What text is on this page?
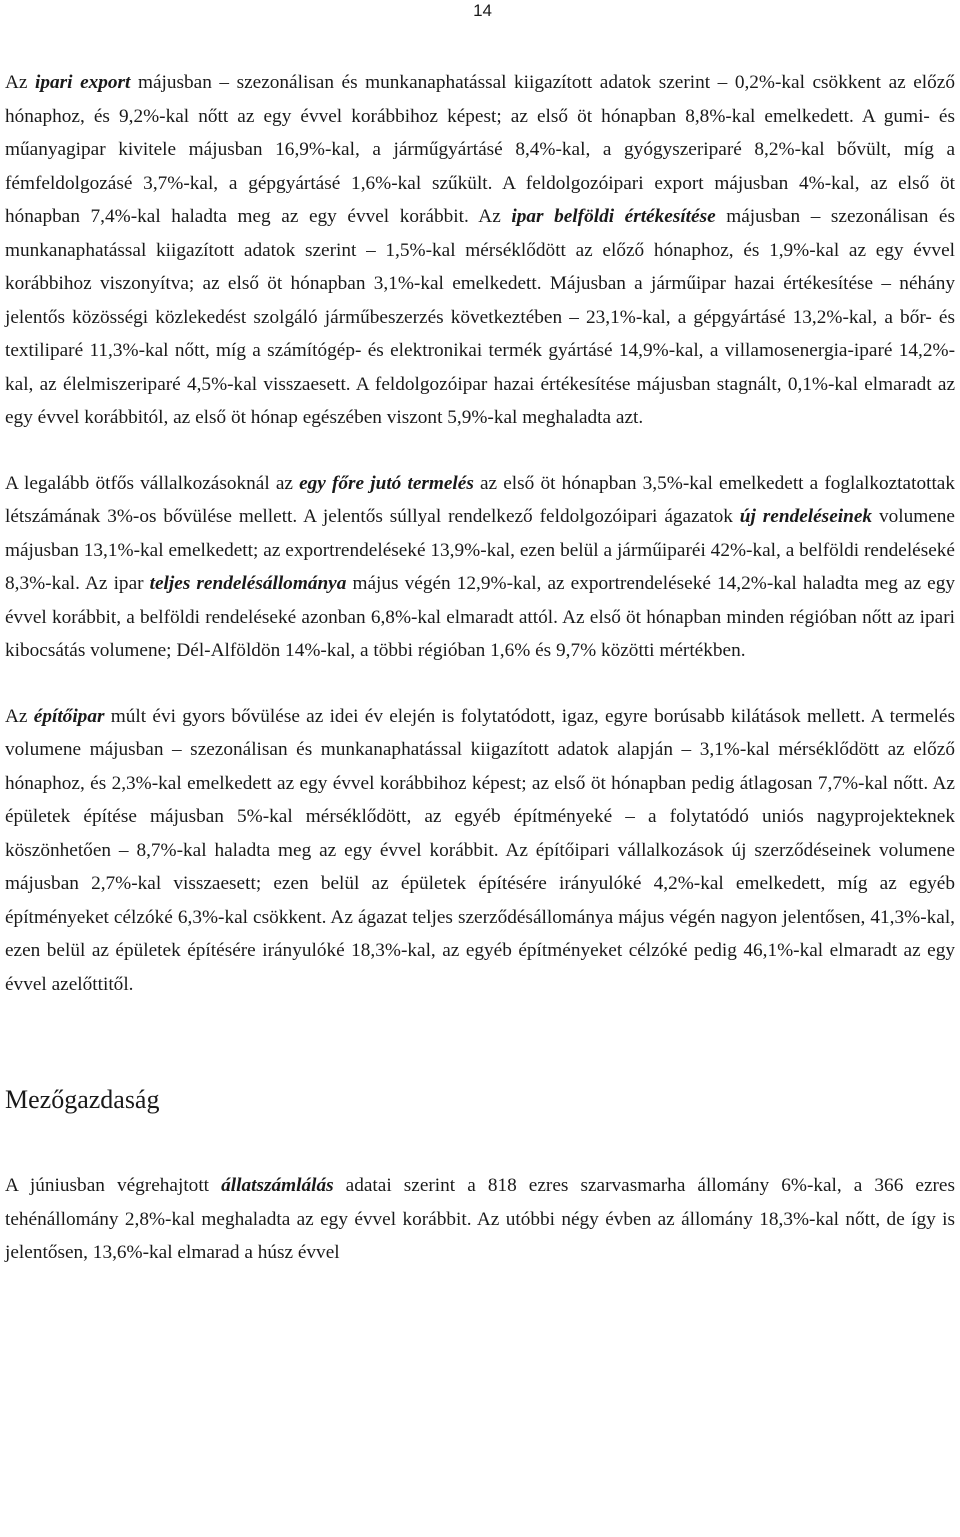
14

Az ipari export májusban – szezonálisan és munkanaphatással kiigazított adatok szerint – 0,2%-kal csökkent az előző hónaphoz, és 9,2%-kal nőtt az egy évvel korábbihoz képest; az első öt hónapban 8,8%-kal emelkedett. A gumi- és műanyagipar kivitele májusban 16,9%-kal, a járműgyártásé 8,4%-kal, a gyógyszeriparé 8,2%-kal bővült, míg a fémfeldolgozásé 3,7%-kal, a gépgyártásé 1,6%-kal szűkült. A feldolgozóipari export májusban 4%-kal, az első öt hónapban 7,4%-kal haladta meg az egy évvel korábbit. Az ipar belföldi értékesítése májusban – szezonálisan és munkanaphatással kiigazított adatok szerint – 1,5%-kal mérséklődött az előző hónaphoz, és 1,9%-kal az egy évvel korábbihoz viszonyítva; az első öt hónapban 3,1%-kal emelkedett. Májusban a járműipar hazai értékesítése – néhány jelentős közösségi közlekedést szolgáló járműbeszerzés következtében – 23,1%-kal, a gépgyártásé 13,2%-kal, a bőr- és textiliparé 11,3%-kal nőtt, míg a számítógép- és elektronikai termék gyártásé 14,9%-kal, a villamosenergia-iparé 14,2%-kal, az élelmiszeriparé 4,5%-kal visszaesett. A feldolgozóipar hazai értékesítése májusban stagnált, 0,1%-kal elmaradt az egy évvel korábbitól, az első öt hónap egészében viszont 5,9%-kal meghaladta azt.

A legalább ötfős vállalkozásoknál az egy főre jutó termelés az első öt hónapban 3,5%-kal emelkedett a foglalkoztatottak létszámának 3%-os bővülése mellett. A jelentős súllyal rendelkező feldolgozóipari ágazatok új rendeléseinek volumene májusban 13,1%-kal emelkedett; az exportrendeléseké 13,9%-kal, ezen belül a járműiparéi 42%-kal, a belföldi rendeléseké 8,3%-kal. Az ipar teljes rendelésállománya május végén 12,9%-kal, az exportrendeléseké 14,2%-kal haladta meg az egy évvel korábbit, a belföldi rendeléseké azonban 6,8%-kal elmaradt attól. Az első öt hónapban minden régióban nőtt az ipari kibocsátás volumene; Dél-Alföldön 14%-kal, a többi régióban 1,6% és 9,7% közötti mértékben.

Az építőipar múlt évi gyors bővülése az idei év elején is folytatódott, igaz, egyre borúsabb kilátások mellett. A termelés volumene májusban – szezonálisan és munkanaphatással kiigazított adatok alapján – 3,1%-kal mérséklődött az előző hónaphoz, és 2,3%-kal emelkedett az egy évvel korábbihoz képest; az első öt hónapban pedig átlagosan 7,7%-kal nőtt. Az épületek építése májusban 5%-kal mérséklődött, az egyéb építményeké – a folytatódó uniós nagyprojekteknek köszönhetően – 8,7%-kal haladta meg az egy évvel korábbit. Az építőipari vállalkozások új szerződéseinek volumene májusban 2,7%-kal visszaesett; ezen belül az épületek építésére irányulóké 4,2%-kal emelkedett, míg az egyéb építményeket célzóké 6,3%-kal csökkent. Az ágazat teljes szerződésállománya május végén nagyon jelentősen, 41,3%-kal, ezen belül az épületek építésére irányulóké 18,3%-kal, az egyéb építményeket célzóké pedig 46,1%-kal elmaradt az egy évvel azelőttitől.

Mezőgazdaság

A júniusban végrehajtott állatszámlálás adatai szerint a 818 ezres szarvasmarha állomány 6%-kal, a 366 ezres tehénállomány 2,8%-kal meghaladta az egy évvel korábbit. Az utóbbi négy évben az állomány 18,3%-kal nőtt, de így is jelentősen, 13,6%-kal elmarad a húsz évvel
